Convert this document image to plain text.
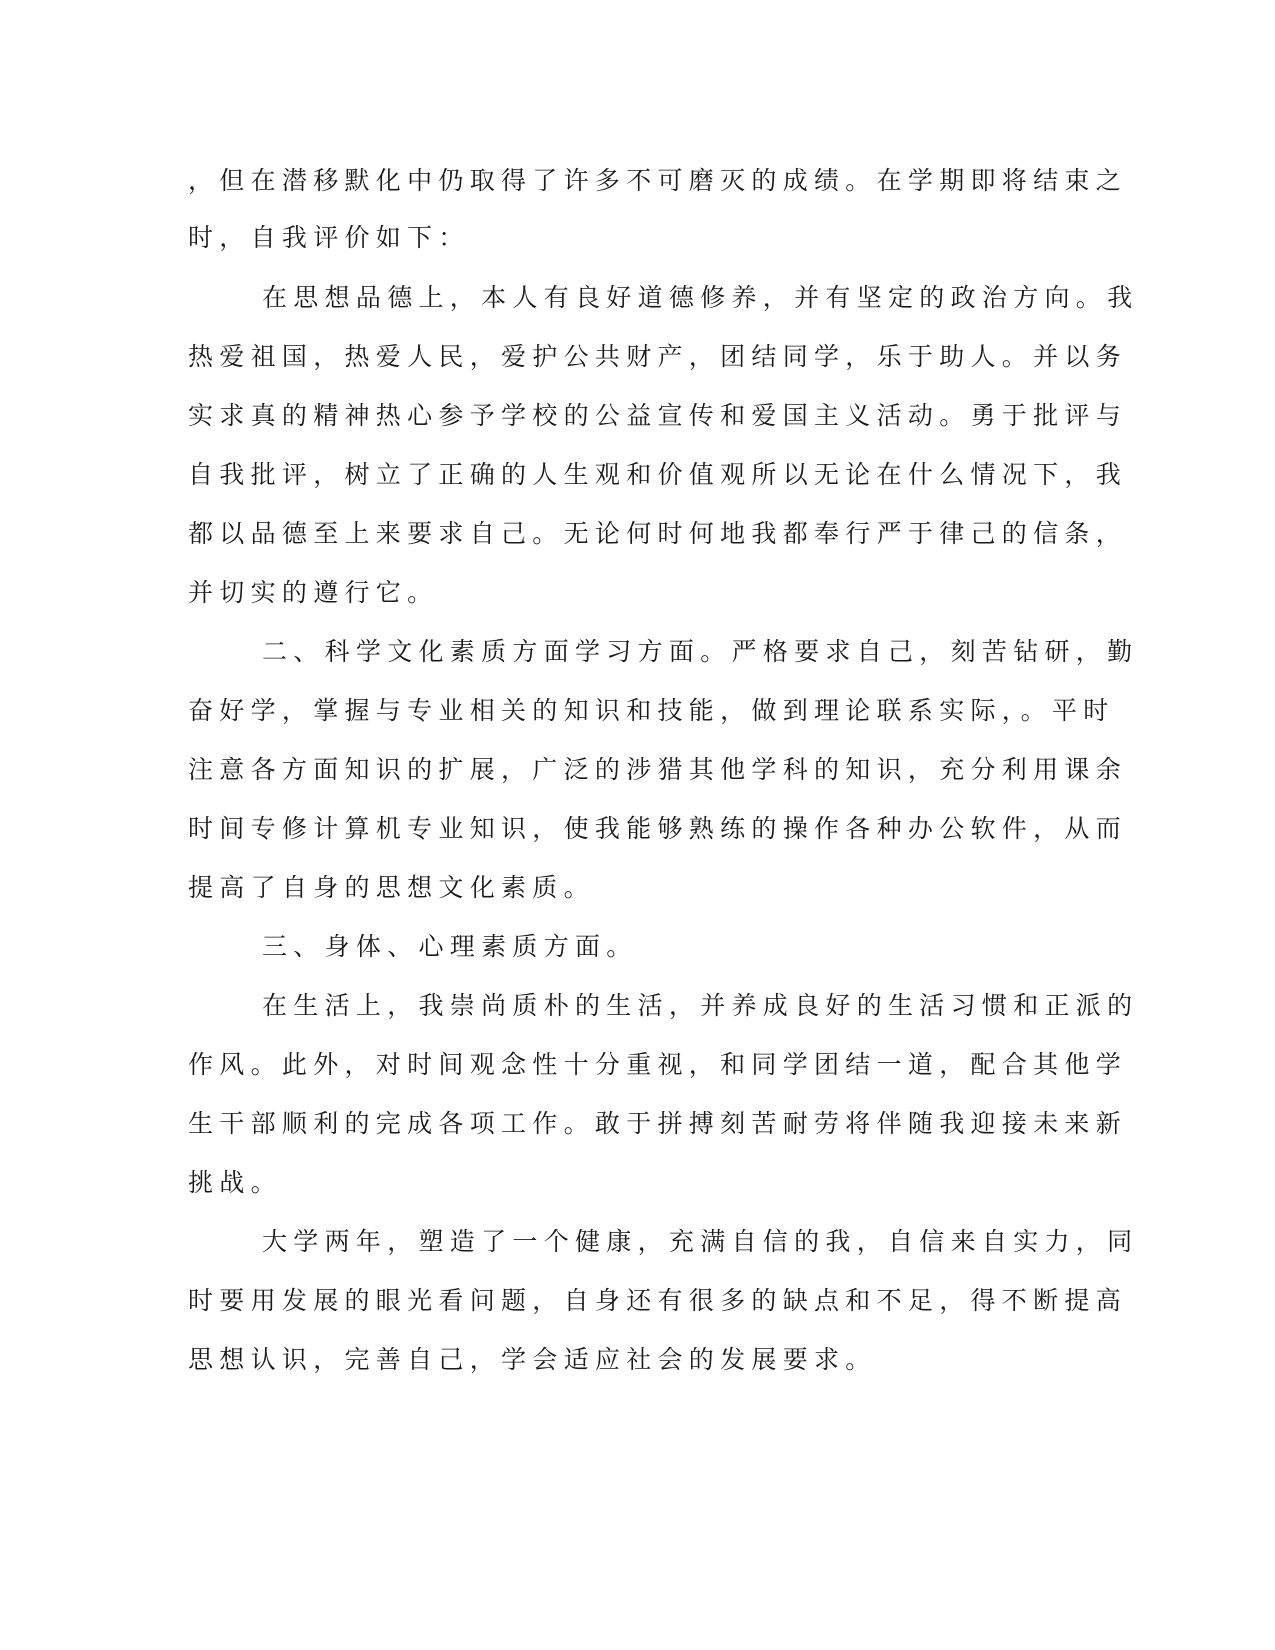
，但在潜移默化中仍取得了许多不可磨灭的成绩。在学期即将结束之
时，自我评价如下：
在思想品德上，本人有良好道德修养，并有坚定的政治方向。我
热爱祖国，热爱人民，爱护公共财产，团结同学，乐于助人。并以务
实求真的精神热心参予学校的公益宣传和爱国主义活动。勇于批评与
自我批评，树立了正确的人生观和价值观所以无论在什么情况下，我
都以品德至上来要求自己。无论何时何地我都奉行严于律己的信条，
并切实的遵行它。
二、科学文化素质方面学习方面。严格要求自己，刻苦钻研，勤
奋好学，掌握与专业相关的知识和技能，做到理论联系实际，。平时
注意各方面知识的扩展，广泛的涉猎其他学科的知识，充分利用课余
时间专修计算机专业知识，使我能够熟练的操作各种办公软件，从而
提高了自身的思想文化素质。
三、身体、心理素质方面。
在生活上，我崇尚质朴的生活，并养成良好的生活习惯和正派的
作风。此外，对时间观念性十分重视，和同学团结一道，配合其他学
生干部顺利的完成各项工作。敢于拼搏刻苦耐劳将伴随我迎接未来新
挑战。
大学两年，塑造了一个健康，充满自信的我，自信来自实力，同
时要用发展的眼光看问题，自身还有很多的缺点和不足，得不断提高
思想认识，完善自己，学会适应社会的发展要求。
